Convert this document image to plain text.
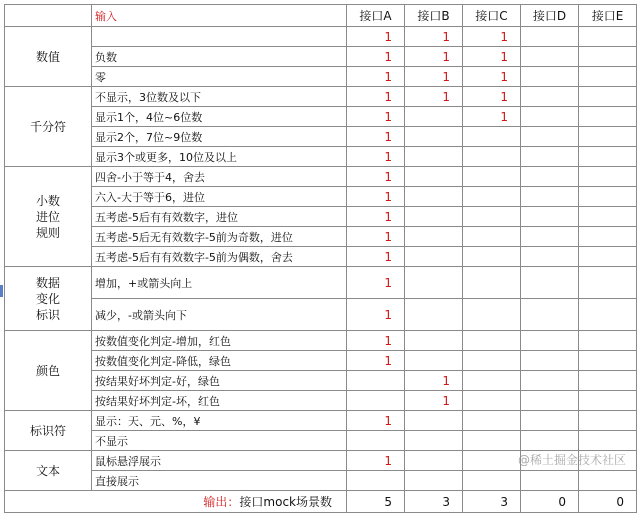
	输入	接口A	接口B	接口C	接口D	接口E
数值		1	1	1		
	负数	1	1	1		
	零	1	1	1		
千分符	不显示，3位数及以下	1	1	1		
	显示1个，4位~6位数	1		1		
	显示2个，7位~9位数	1				
	显示3个或更多，10位及以上	1				
小数
进位
规则	四舍-小于等于4，舍去	1				
	六入-大于等于6，进位	1				
	五考虑-5后有有效数字，进位	1				
	五考虑-5后无有效数字-5前为奇数，进位	1				
	五考虑-5后有有效数字-5前为偶数，舍去	1				
数据
变化
标识	增加，+或箭头向上	1				
	减少，-或箭头向下	1				
颜色	按数值变化判定-增加，红色	1				
	按数值变化判定-降低，绿色	1				
	按结果好坏判定-好，绿色		1			
	按结果好坏判定-坏，红色		1			
标识符	显示：天、元、%，¥	1				
	不显示					
文本	鼠标悬浮展示	1				
	直接展示					
输出：接口mock场景数		5	3	3	0	0
@稀土掘金技术社区
